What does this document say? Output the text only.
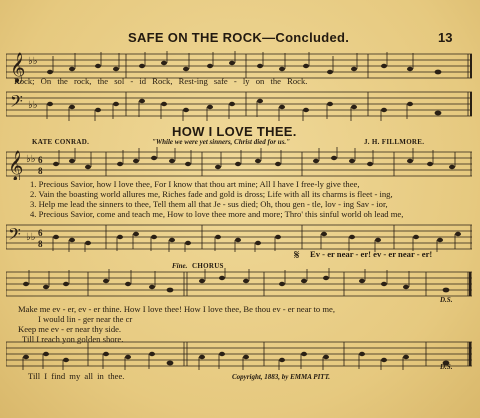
SAFE ON THE ROCK—Concluded.	13
𝄞 ♭♭
Rock; On the rock, the sol - id Rock, Rest-ing safe - ly on the Rock.
𝄢 ♭♭
HOW I LOVE THEE.
KATE CONRAD.	"While we were yet sinners, Christ died for us."	J. H. FILLMORE.
𝄞 ♭♭ 6
8
1. Precious Savior, how I love thee, For I know that thou art mine; All I have I free-ly give thee,
2. Vain the boasting world allures me, Riches fade and gold is dross; Life with all its charms is fleet - ing,
3. Help me lead the sinners to thee, Tell them all that Je - sus died; Oh, thou gen - tle, lov - ing Sav - ior,
4. Precious Savior, come and teach me, How to love thee more and more; Thro' this sinful world oh lead me,
𝄢 ♭♭ 6
8
𝄋 Ev - er near - er! ev - er near - er!
Fine. CHORUS
D.S.
Make me ev - er, ev - er thine. How I love thee! How I love thee, Be thou ev - er near to me,
I would lin - ger near the cr
Keep me ev - er near thy side.
Till I reach yon golden shore.
D.S.
Till I find my all in thee.	Copyright, 1883, by EMMA PITT.
